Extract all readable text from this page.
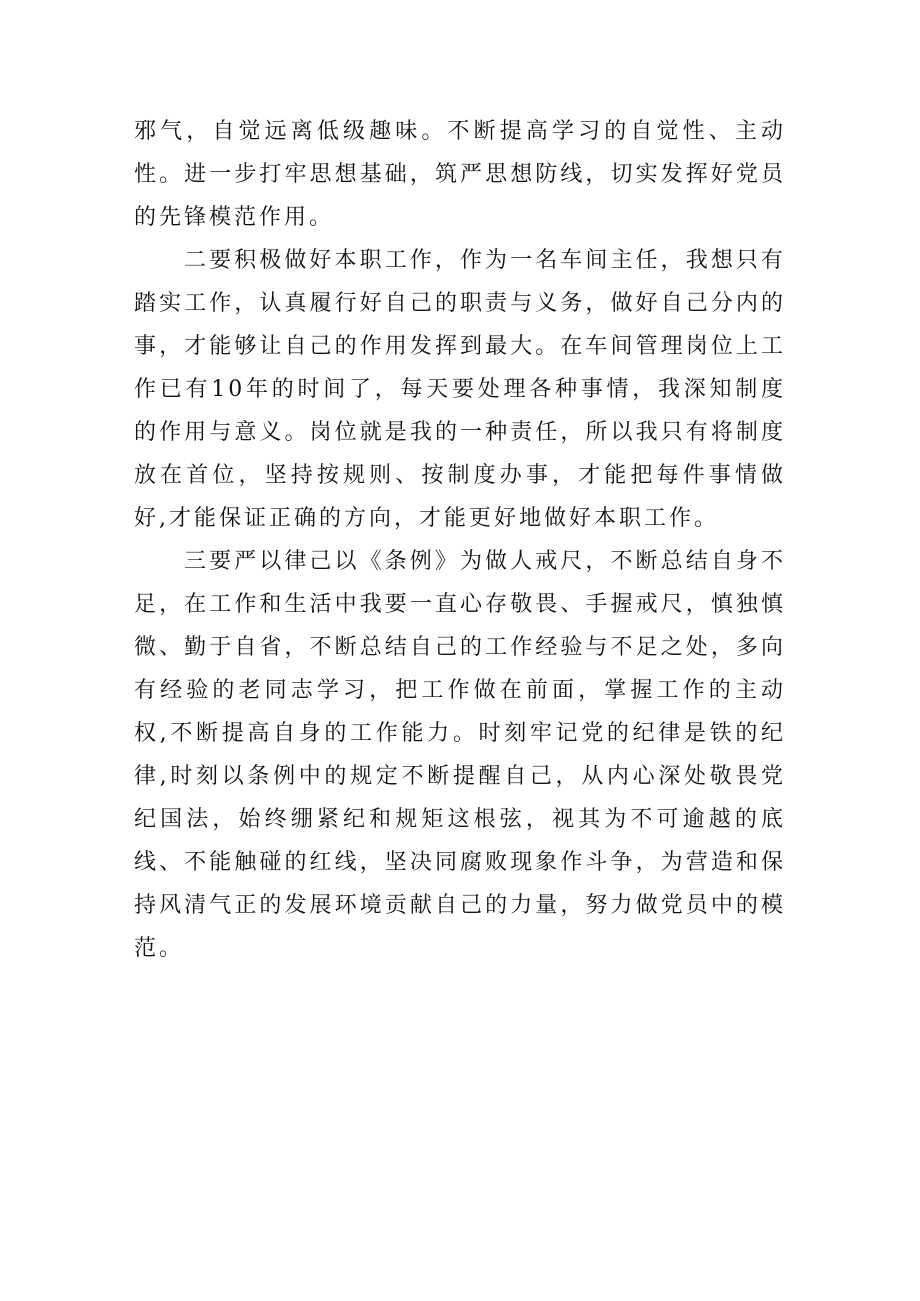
邪气，自觉远离低级趣味。不断提高学习的自觉性、主动性。进一步打牢思想基础，筑严思想防线，切实发挥好党员的先锋模范作用。

二要积极做好本职工作，作为一名车间主任，我想只有踏实工作，认真履行好自己的职责与义务，做好自己分内的事，才能够让自己的作用发挥到最大。在车间管理岗位上工作已有10年的时间了，每天要处理各种事情，我深知制度的作用与意义。岗位就是我的一种责任，所以我只有将制度放在首位，坚持按规则、按制度办事，才能把每件事情做好,才能保证正确的方向，才能更好地做好本职工作。

三要严以律己以《条例》为做人戒尺，不断总结自身不足，在工作和生活中我要一直心存敬畏、手握戒尺，慎独慎微、勤于自省，不断总结自己的工作经验与不足之处，多向有经验的老同志学习，把工作做在前面，掌握工作的主动权,不断提高自身的工作能力。时刻牢记党的纪律是铁的纪律,时刻以条例中的规定不断提醒自己，从内心深处敬畏党纪国法，始终绷紧纪和规矩这根弦，视其为不可逾越的底线、不能触碰的红线，坚决同腐败现象作斗争，为营造和保持风清气正的发展环境贡献自己的力量，努力做党员中的模范。
